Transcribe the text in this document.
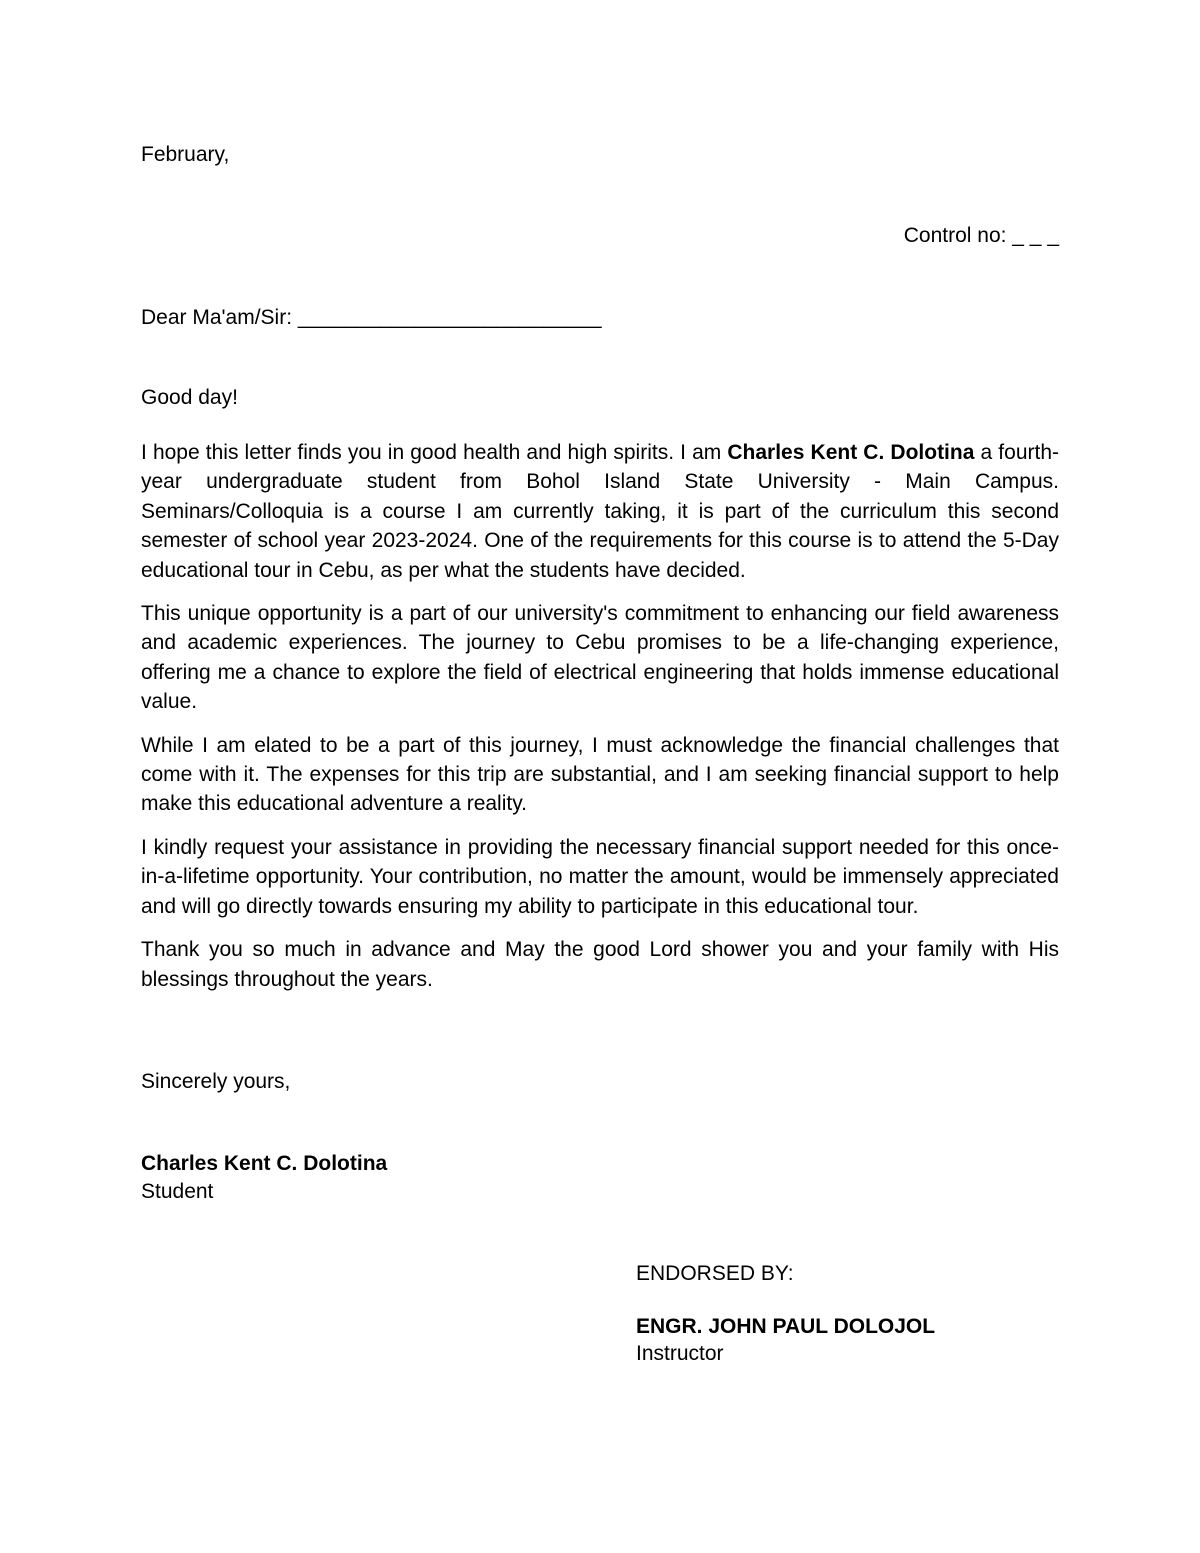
February,

Control no: _ _ _

Dear Ma'am/Sir: __________________________

Good day!

I hope this letter finds you in good health and high spirits. I am Charles Kent C. Dolotina a fourth-year undergraduate student from Bohol Island State University - Main Campus. Seminars/Colloquia is a course I am currently taking, it is part of the curriculum this second semester of school year 2023-2024. One of the requirements for this course is to attend the 5-Day educational tour in Cebu, as per what the students have decided.

This unique opportunity is a part of our university's commitment to enhancing our field awareness and academic experiences. The journey to Cebu promises to be a life-changing experience, offering me a chance to explore the field of electrical engineering that holds immense educational value.

While I am elated to be a part of this journey, I must acknowledge the financial challenges that come with it. The expenses for this trip are substantial, and I am seeking financial support to help make this educational adventure a reality.

I kindly request your assistance in providing the necessary financial support needed for this once-in-a-lifetime opportunity. Your contribution, no matter the amount, would be immensely appreciated and will go directly towards ensuring my ability to participate in this educational tour.

Thank you so much in advance and May the good Lord shower you and your family with His blessings throughout the years.

Sincerely yours,

Charles Kent C. Dolotina

Student

ENDORSED BY:

ENGR. JOHN PAUL DOLOJOL

Instructor
